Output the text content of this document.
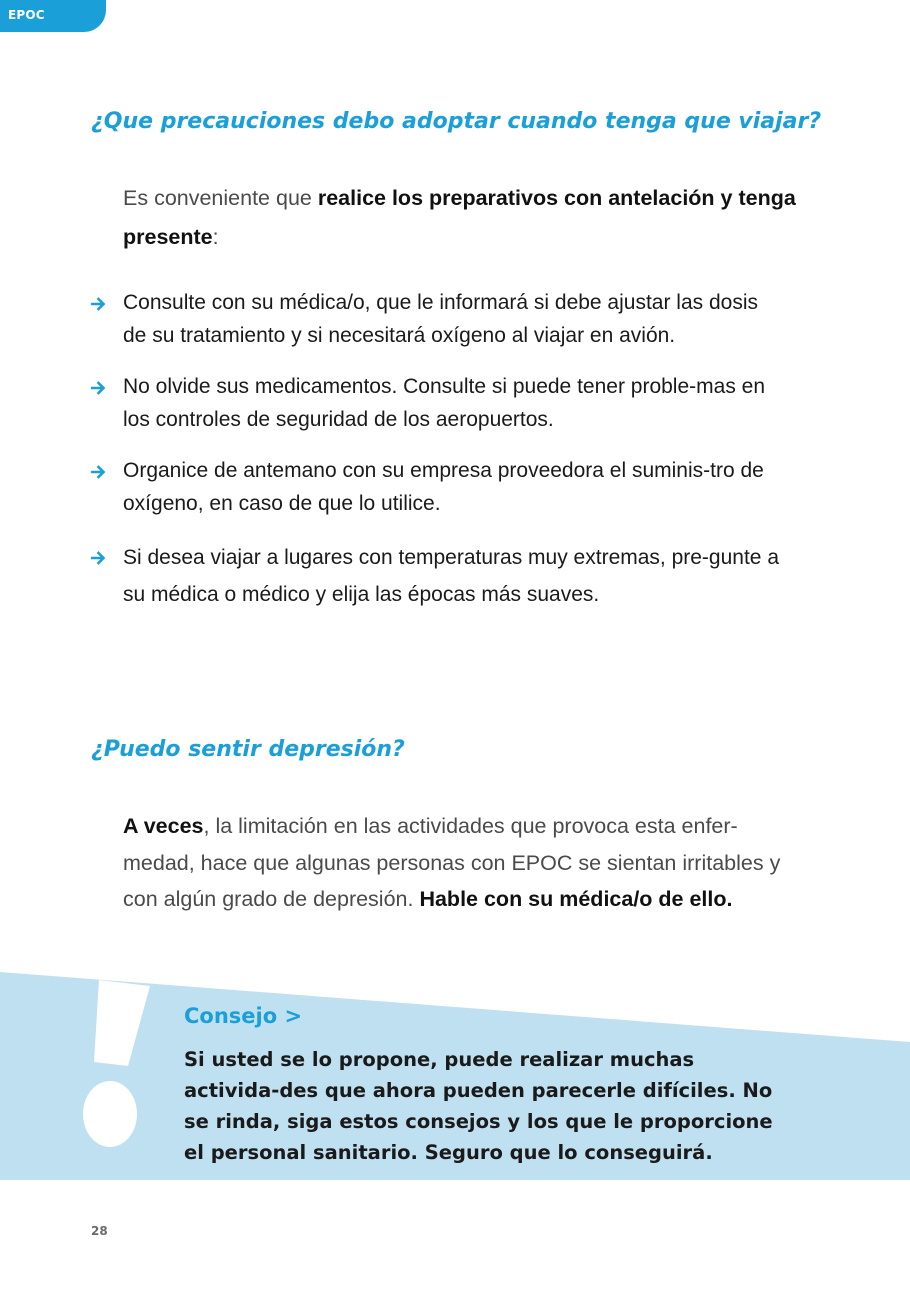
EPOC
¿Que precauciones debo adoptar cuando tenga que viajar?

Es conveniente que realice los preparativos con antelación y tenga presente:

Consulte con su médica/o, que le informará si debe ajustar las dosis de su tratamiento y si necesitará oxígeno al viajar en avión.
No olvide sus medicamentos. Consulte si puede tener proble-mas en los controles de seguridad de los aeropuertos.
Organice de antemano con su empresa proveedora el suminis-tro de oxígeno, en caso de que lo utilice.
Si desea viajar a lugares con temperaturas muy extremas, pre-gunte a su médica o médico y elija las épocas más suaves.
¿Puedo sentir depresión?

A veces, la limitación en las actividades que provoca esta enfer-medad, hace que algunas personas con EPOC se sientan irritables y con algún grado de depresión. Hable con su médica/o de ello.

Consejo >

Si usted se lo propone, puede realizar muchas activida-des que ahora pueden parecerle difíciles. No se rinda, siga estos consejos y los que le proporcione el personal sanitario. Seguro que lo conseguirá.

28
